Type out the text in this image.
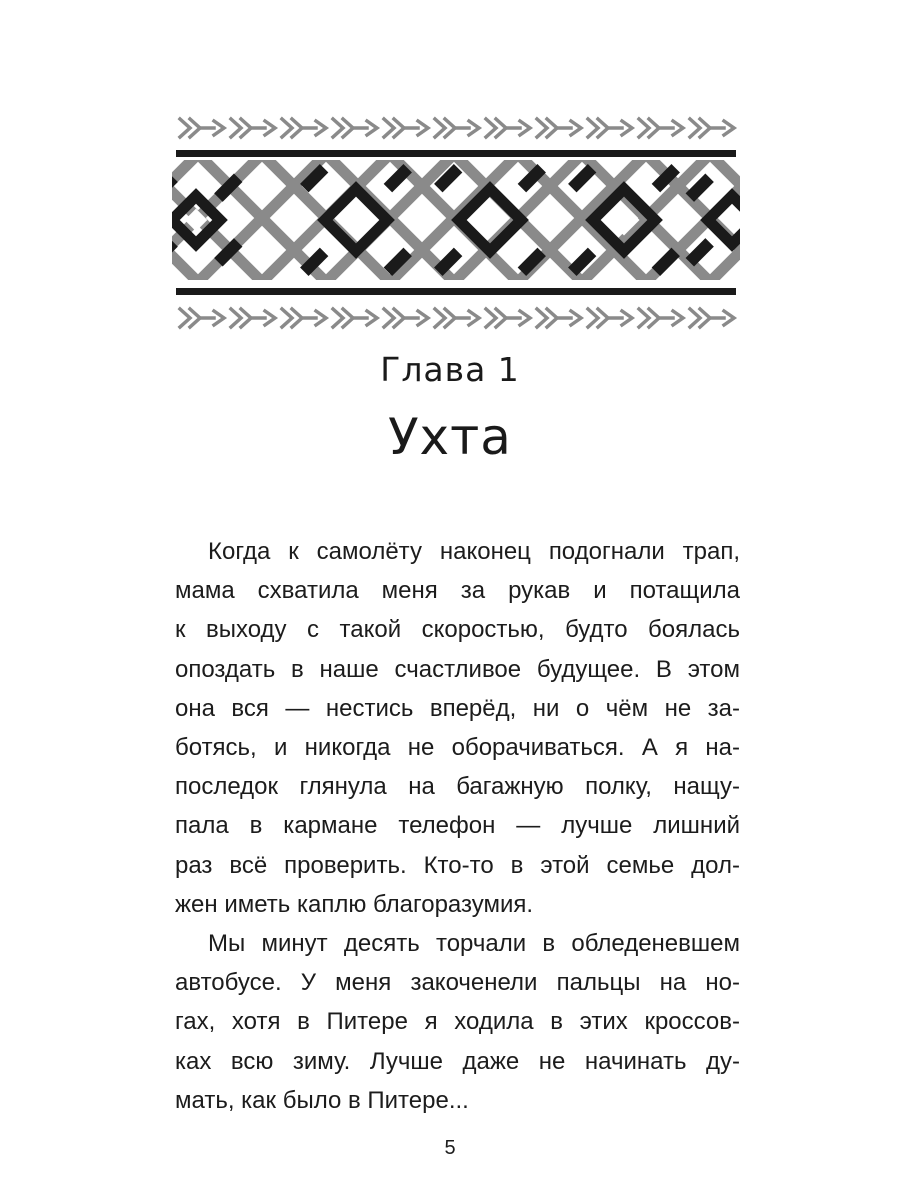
Глава 1
Ухта

Когда к самолёту наконец подогнали трап,
мама схватила меня за рукав и потащила
к выходу с такой скоростью, будто боялась
опоздать в наше счастливое будущее. В этом
она вся — нестись вперёд, ни о чём не за-
ботясь, и никогда не оборачиваться. А я на-
последок глянула на багажную полку, нащу-
пала в кармане телефон — лучше лишний
раз всё проверить. Кто-то в этой семье дол-
жен иметь каплю благоразумия.

Мы минут десять торчали в обледеневшем
автобусе. У меня закоченели пальцы на но-
гах, хотя в Питере я ходила в этих кроссов-
ках всю зиму. Лучше даже не начинать ду-
мать, как было в Питере...

5
